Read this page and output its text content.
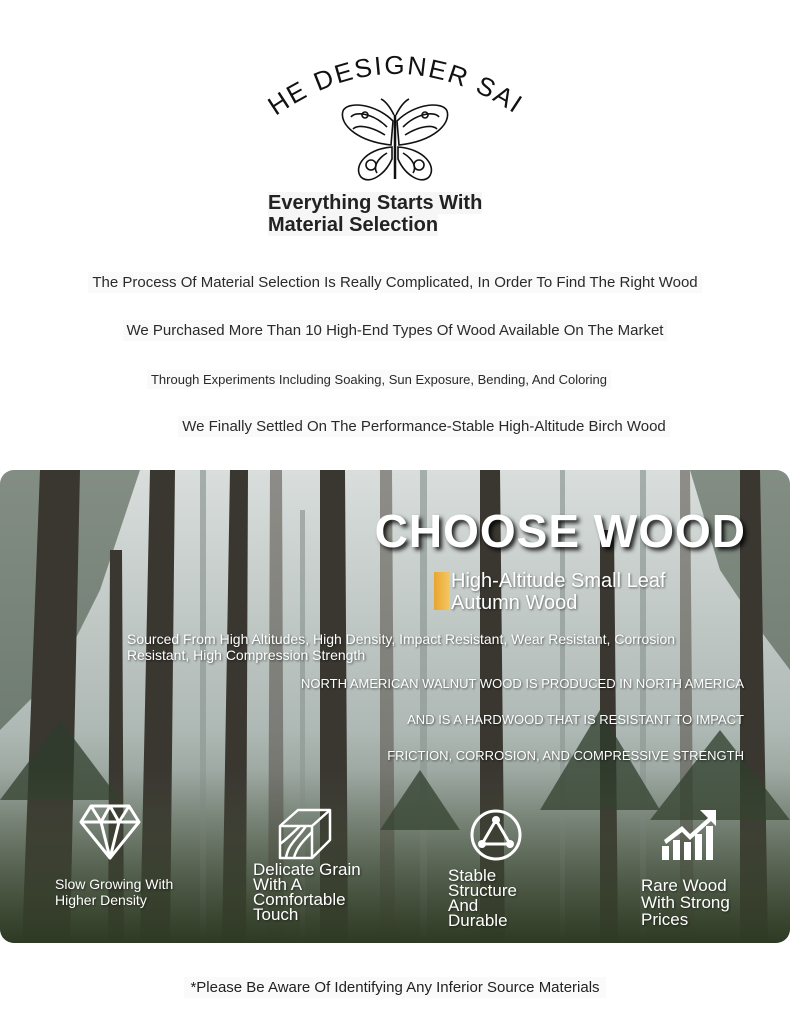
HE DESIGNER SAI
Everything Starts With
Material Selection
The Process Of Material Selection Is Really Complicated, In Order To Find The Right Wood
We Purchased More Than 10 High-End Types Of Wood Available On The Market
Through Experiments Including Soaking, Sun Exposure, Bending, And Coloring
We Finally Settled On The Performance-Stable High-Altitude Birch Wood
CHOOSE WOOD
High-Altitude Small Leaf
Autumn Wood
Sourced From High Altitudes, High Density, Impact Resistant, Wear Resistant, Corrosion Resistant, High Compression Strength
NORTH AMERICAN WALNUT WOOD IS PRODUCED IN NORTH AMERICA
AND IS A HARDWOOD THAT IS RESISTANT TO IMPACT
FRICTION, CORROSION, AND COMPRESSIVE STRENGTH
Slow Growing With Higher Density
Delicate Grain With A Comfortable Touch
Stable Structure And Durable
Rare Wood With Strong Prices
*Please Be Aware Of Identifying Any Inferior Source Materials
